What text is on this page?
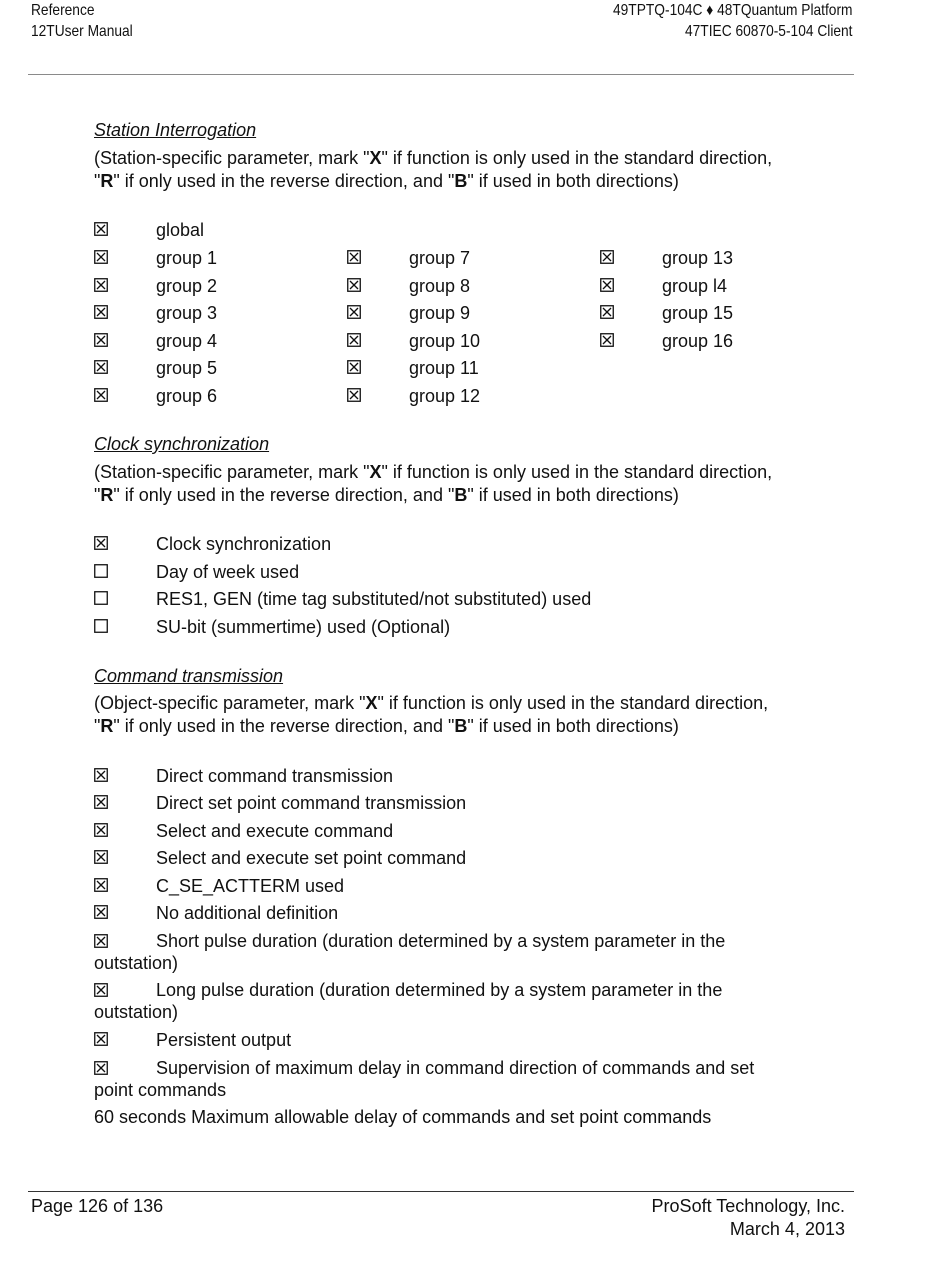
Reference
12TUser Manual
49TPTQ-104C ♦ 48TQuantum Platform
47TIEC 60870-5-104 Client
Station Interrogation
(Station-specific parameter, mark "X" if function is only used in the standard direction, "R" if only used in the reverse direction, and "B" if used in both directions)
global
group 1
group 2
group 3
group 4
group 5
group 6
group 7
group 8
group 9
group 10
group 11
group 12
group 13
group l4
group 15
group 16
Clock synchronization
(Station-specific parameter, mark "X" if function is only used in the standard direction, "R" if only used in the reverse direction, and "B" if used in both directions)
Clock synchronization
Day of week used
RES1, GEN (time tag substituted/not substituted) used
SU-bit (summertime) used (Optional)
Command transmission
(Object-specific parameter, mark "X" if function is only used in the standard direction, "R" if only used in the reverse direction, and "B" if used in both directions)
Direct command transmission
Direct set point command transmission
Select and execute command
Select and execute set point command
C_SE_ACTTERM used
No additional definition
Short pulse duration (duration determined by a system parameter in the outstation)
Long pulse duration (duration determined by a system parameter in the outstation)
Persistent output
Supervision of maximum delay in command direction of commands and set point commands
60 seconds Maximum allowable delay of commands and set point commands
Page 126 of 136	ProSoft Technology, Inc.
March 4, 2013
